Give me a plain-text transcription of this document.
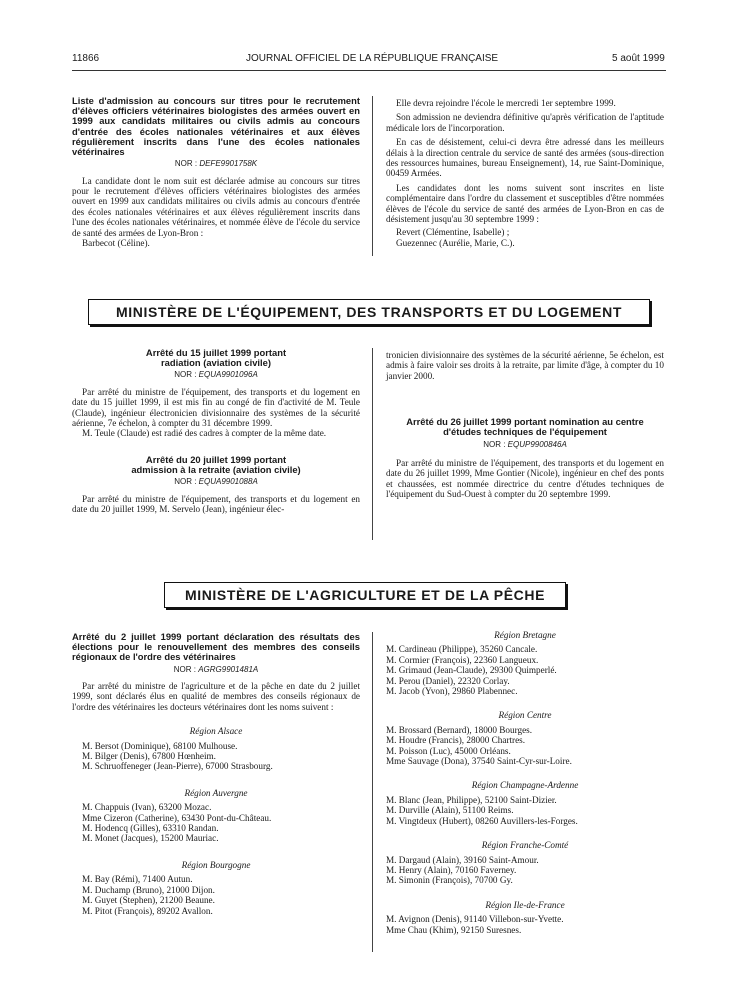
11866	JOURNAL OFFICIEL DE LA RÉPUBLIQUE FRANÇAISE	5 août 1999
Liste d'admission au concours sur titres pour le recrutement d'élèves officiers vétérinaires biologistes des armées ouvert en 1999 aux candidats militaires ou civils admis au concours d'entrée des écoles nationales vétérinaires et aux élèves régulièrement inscrits dans l'une des écoles nationales vétérinaires
NOR : DEFE9901758K

La candidate dont le nom suit est déclarée admise au concours sur titres pour le recrutement d'élèves officiers vétérinaires biologistes des armées ouvert en 1999 aux candidats militaires ou civils admis au concours d'entrée des écoles nationales vétérinaires et aux élèves régulièrement inscrits dans l'une des écoles nationales vétérinaires, et nommée élève de l'école du service de santé des armées de Lyon-Bron :

Barbecot (Céline).

Elle devra rejoindre l'école le mercredi 1er septembre 1999.

Son admission ne deviendra définitive qu'après vérification de l'aptitude médicale lors de l'incorporation.

En cas de désistement, celui-ci devra être adressé dans les meilleurs délais à la direction centrale du service de santé des armées (sous-direction des ressources humaines, bureau Enseignement), 14, rue Saint-Dominique, 00459 Armées.

Les candidates dont les noms suivent sont inscrites en liste complémentaire dans l'ordre du classement et susceptibles d'être nommées élèves de l'école du service de santé des armées de Lyon-Bron en cas de désistement jusqu'au 30 septembre 1999 :

Revert (Clémentine, Isabelle) ;

Guezennec (Aurélie, Marie, C.).

MINISTÈRE DE L'ÉQUIPEMENT, DES TRANSPORTS ET DU LOGEMENT
Arrêté du 15 juillet 1999 portant radiation (aviation civile)
NOR : EQUA9901096A

Par arrêté du ministre de l'équipement, des transports et du logement en date du 15 juillet 1999, il est mis fin au congé de fin d'activité de M. Teule (Claude), ingénieur électronicien divisionnaire des systèmes de la sécurité aérienne, 7e échelon, à compter du 31 décembre 1999.

M. Teule (Claude) est radié des cadres à compter de la même date.

Arrêté du 20 juillet 1999 portant admission à la retraite (aviation civile)
NOR : EQUA9901088A

Par arrêté du ministre de l'équipement, des transports et du logement en date du 20 juillet 1999, M. Servelo (Jean), ingénieur élec-

tronicien divisionnaire des systèmes de la sécurité aérienne, 5e échelon, est admis à faire valoir ses droits à la retraite, par limite d'âge, à compter du 10 janvier 2000.

Arrêté du 26 juillet 1999 portant nomination au centre d'études techniques de l'équipement
NOR : EQUP9900846A

Par arrêté du ministre de l'équipement, des transports et du logement en date du 26 juillet 1999, Mme Gontier (Nicole), ingénieur en chef des ponts et chaussées, est nommée directrice du centre d'études techniques de l'équipement du Sud-Ouest à compter du 20 septembre 1999.

MINISTÈRE DE L'AGRICULTURE ET DE LA PÊCHE
Arrêté du 2 juillet 1999 portant déclaration des résultats des élections pour le renouvellement des membres des conseils régionaux de l'ordre des vétérinaires
NOR : AGRG9901481A

Par arrêté du ministre de l'agriculture et de la pêche en date du 2 juillet 1999, sont déclarés élus en qualité de membres des conseils régionaux de l'ordre des vétérinaires les docteurs vétérinaires dont les noms suivent :

Région Alsace

M. Bersot (Dominique), 68100 Mulhouse.

M. Bilger (Denis), 67800 Hœnheim.

M. Schruoffeneger (Jean-Pierre), 67000 Strasbourg.

Région Auvergne

M. Chappuis (Ivan), 63200 Mozac.

Mme Cizeron (Catherine), 63430 Pont-du-Château.

M. Hodencq (Gilles), 63310 Randan.

M. Monet (Jacques), 15200 Mauriac.

Région Bourgogne

M. Bay (Rémi), 71400 Autun.

M. Duchamp (Bruno), 21000 Dijon.

M. Guyet (Stephen), 21200 Beaune.

M. Pitot (François), 89202 Avallon.

Région Bretagne

M. Cardineau (Philippe), 35260 Cancale.

M. Cormier (François), 22360 Langueux.

M. Grimaud (Jean-Claude), 29300 Quimperlé.

M. Perou (Daniel), 22320 Corlay.

M. Jacob (Yvon), 29860 Plabennec.

Région Centre

M. Brossard (Bernard), 18000 Bourges.

M. Houdre (Francis), 28000 Chartres.

M. Poisson (Luc), 45000 Orléans.

Mme Sauvage (Dona), 37540 Saint-Cyr-sur-Loire.

Région Champagne-Ardenne

M. Blanc (Jean, Philippe), 52100 Saint-Dizier.

M. Durville (Alain), 51100 Reims.

M. Vingtdeux (Hubert), 08260 Auvillers-les-Forges.

Région Franche-Comté

M. Dargaud (Alain), 39160 Saint-Amour.

M. Henry (Alain), 70160 Faverney.

M. Simonin (François), 70700 Gy.

Région Ile-de-France

M. Avignon (Denis), 91140 Villebon-sur-Yvette.

Mme Chau (Khim), 92150 Suresnes.
